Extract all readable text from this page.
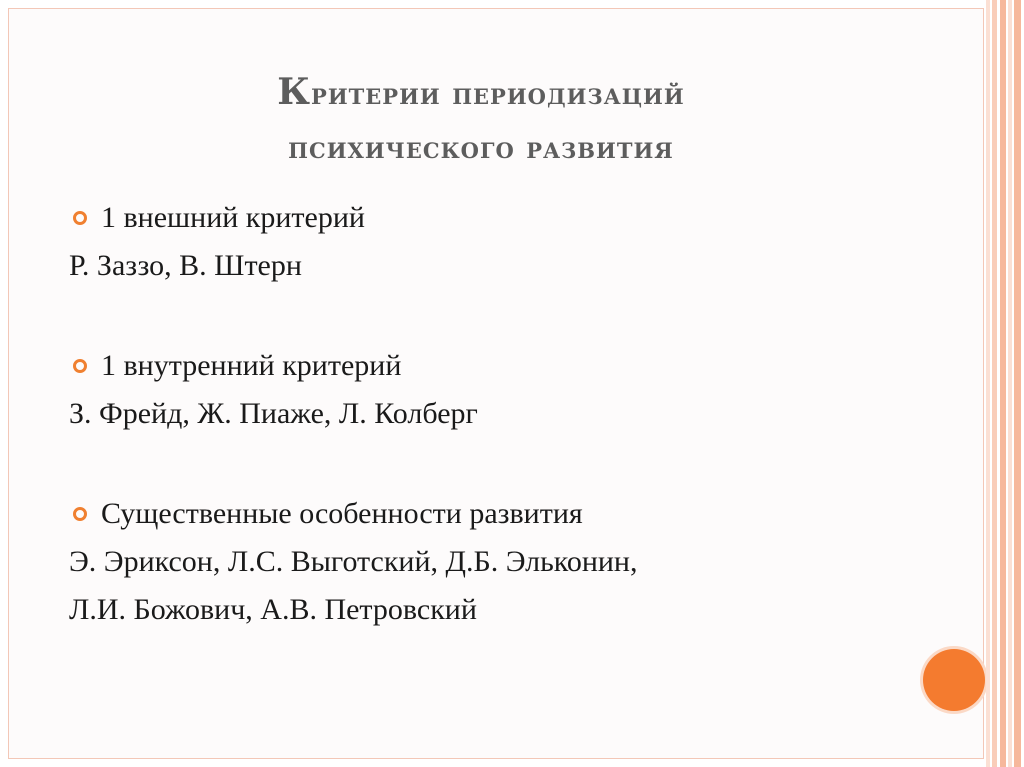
Критерии периодизаций
психического развития
1 внешний критерий
Р. Заззо, В. Штерн
1 внутренний критерий
З. Фрейд, Ж. Пиаже, Л. Колберг
Существенные особенности развития
Э. Эриксон, Л.С. Выготский, Д.Б. Эльконин,
Л.И. Божович, А.В. Петровский
